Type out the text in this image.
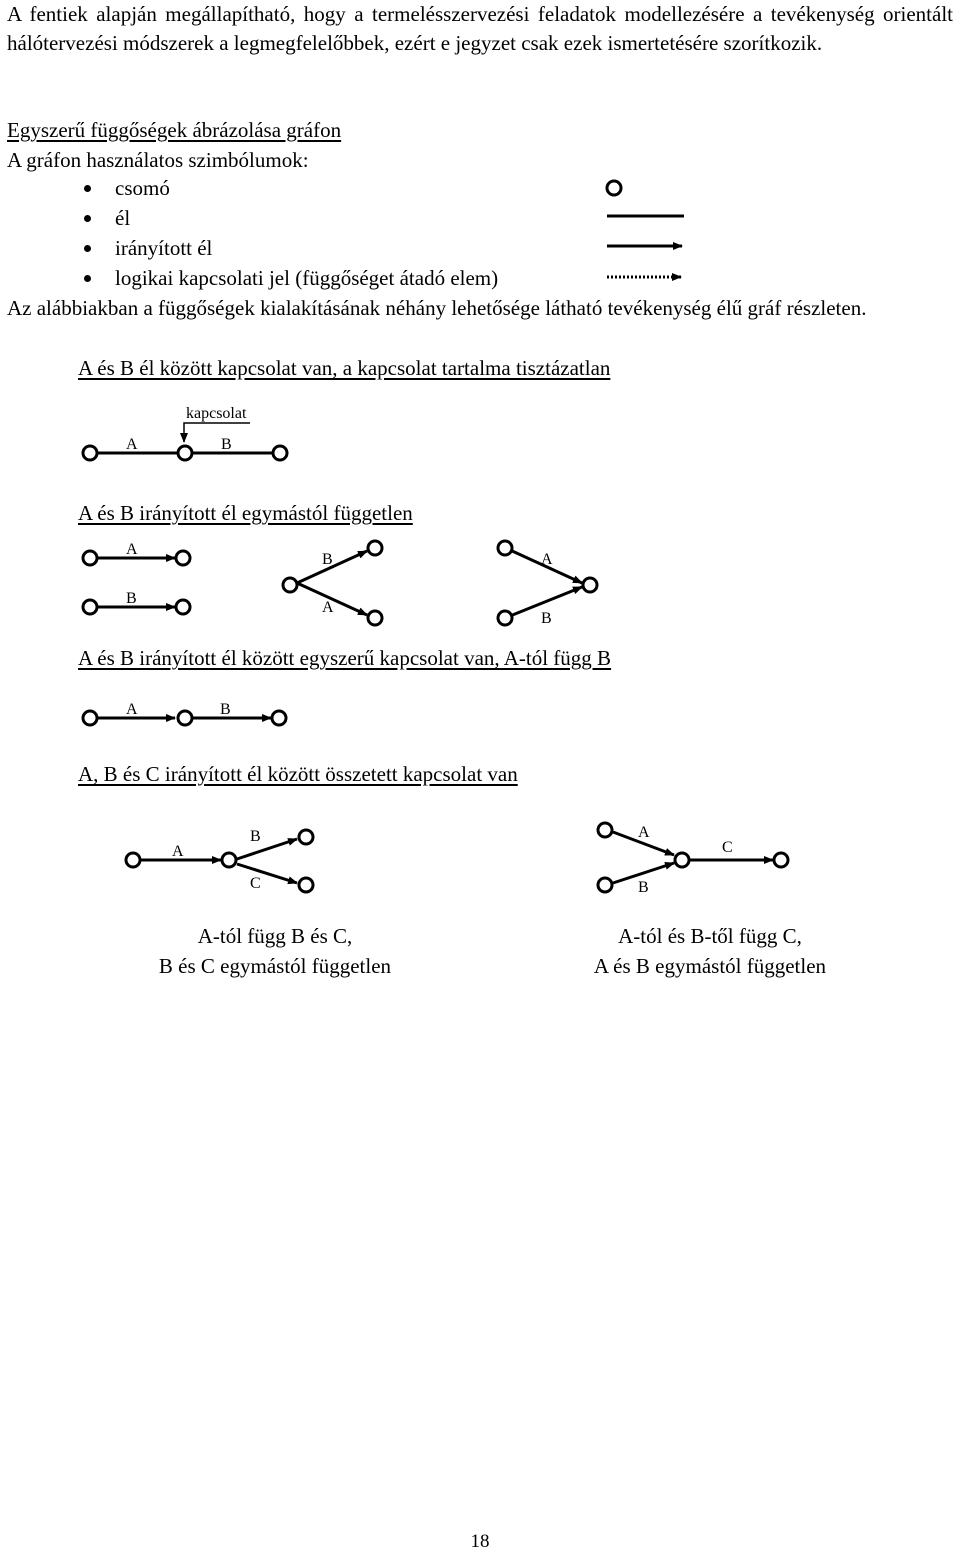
A fentiek alapján megállapítható, hogy a termelésszervezési feladatok modellezésére a tevékenység orientált hálótervezési módszerek a legmegfelelőbbek, ezért e jegyzet csak ezek ismertetésére szorítkozik.
Egyszerű függőségek ábrázolása gráfon
A gráfon használatos szimbólumok:
csomó
él
irányított él
logikai kapcsolati jel (függőséget átadó elem)
Az alábbiakban a függőségek kialakításának néhány lehetősége látható tevékenység élű gráf részleten.
A és B él között kapcsolat van, a kapcsolat tartalma tisztázatlan
kapcsolat
A	B
A és B irányított él egymástól független
A
B
B
A
A
B
A és B irányított él között egyszerű kapcsolat van, A-tól függ B
A	B
A, B és C irányított él között összetett kapcsolat van
A
B
C
A
B
C
A-tól függ B és C,
B és C egymástól független
A-tól és B-től függ C,
A és B egymástól független
18
